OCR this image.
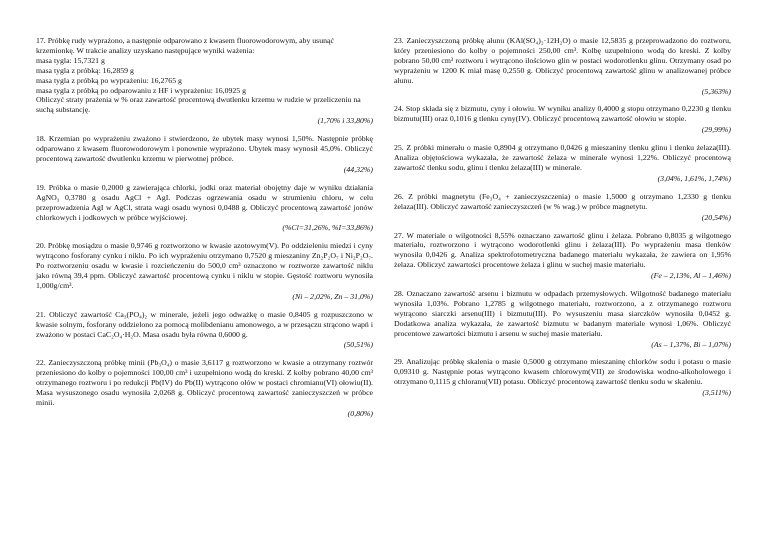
17. Próbkę rudy wyprażono, a następnie odparowano z kwasem fluorowodorowym, aby usunąć krzemionkę. W trakcie analizy uzyskano następujące wyniki ważenia:
masa tygla: 15,7321 g
masa tygla z próbką: 16,2859 g
masa tygla z próbką po wyprażeniu: 16,2765 g
masa tygla z próbką po odparowaniu z HF i wyprażeniu: 16,0925 g
Obliczyć straty prażenia w % oraz zawartość procentową dwutlenku krzemu w rudzie w przeliczeniu na suchą substancję.
(1,70% i 33,80%)
18. Krzemian po wyprażeniu zważono i stwierdzono, że ubytek masy wynosi 1,50%. Następnie próbkę odparowano z kwasem fluorowodorowym i ponownie wyprażono. Ubytek masy wynosił 45,0%. Obliczyć procentową zawartość dwutlenku krzemu w pierwotnej próbce.
(44,32%)
19. Próbka o masie 0,2000 g zawierająca chlorki, jodki oraz materiał obojętny daje w wyniku działania AgNO₃ 0,3780 g osadu AgCl + AgI. Podczas ogrzewania osadu w strumieniu chloru, w celu przeprowadzenia AgI w AgCl, strata wagi osadu wynosi 0,0488 g. Obliczyć procentową zawartość jonów chlorkowych i jodkowych w próbce wyjściowej.
(%Cl=31,26%, %I=33,86%)
20. Próbkę mosiądzu o masie 0,9746 g roztworzono w kwasie azotowym(V). Po oddzieleniu miedzi i cyny wytrącono fosforany cynku i niklu. Po ich wyprażeniu otrzymano 0,7520 g mieszaniny Zn₂P₂O₇ i Ni₂P₂O₇. Po roztworzeniu osadu w kwasie i rozcieńczeniu do 500,0 cm³ oznaczono w roztworze zawartość niklu jako równą 39,4 ppm. Obliczyć zawartość procentową cynku i niklu w stopie. Gęstość roztworu wynosiła 1,000g/cm³.
(Ni – 2,02%, Zn – 31,0%)
21. Obliczyć zawartość Ca₃(PO₄)₂ w minerale, jeżeli jego odważkę o masie 0,8405 g rozpuszczono w kwasie solnym, fosforany oddzielono za pomocą molibdenianu amonowego, a w przesączu strącono wapń i zważono w postaci CaC₂O₄·H₂O. Masa osadu była równa 0,6000 g.
(50,51%)
22. Zanieczyszczoną próbkę minii (Pb₃O₄) o masie 3,6117 g roztworzono w kwasie a otrzymany roztwór przeniesiono do kolby o pojemności 100,00 cm³ i uzupełniono wodą do kreski. Z kolby pobrano 40,00 cm³ otrzymanego roztworu i po redukcji Pb(IV) do Pb(II) wytrącono ołów w postaci chromianu(VI) ołowiu(II). Masa wysuszonego osadu wynosiła 2,0268 g. Obliczyć procentową zawartość zanieczyszczeń w próbce minii.
(0,80%)
23. Zanieczyszczoną próbkę ałunu (KAl(SO₄)₂·12H₂O) o masie 12,5835 g przeprowadzono do roztworu, który przeniesiono do kolby o pojemności 250,00 cm³. Kolbę uzupełniono wodą do kreski. Z kolby pobrano 50,00 cm³ roztworu i wytrącono ilościowo glin w postaci wodorotlenku glinu. Otrzymany osad po wyprażeniu w 1200 K miał masę 0,2550 g. Obliczyć procentową zawartość glinu w analizowanej próbce ałunu.
(5,363%)
24. Stop składa się z bizmutu, cyny i ołowiu. W wyniku analizy 0,4000 g stopu otrzymano 0,2230 g tlenku bizmutu(III) oraz 0,1016 g tlenku cyny(IV). Obliczyć procentową zawartość ołowiu w stopie.
(29,99%)
25. Z próbki minerału o masie 0,8904 g otrzymano 0,0426 g mieszaniny tlenku glinu i tlenku żelaza(III). Analiza objętościowa wykazała, że zawartość żelaza w minerale wynosi 1,22%. Obliczyć procentową zawartość tlenku sodu, glinu i tlenku żelaza(III) w minerale.
(3,04%, 1,61%, 1,74%)
26. Z próbki magnetytu (Fe₃O₄ + zanieczyszczenia) o masie 1,5000 g otrzymano 1,2330 g tlenku żelaza(III). Obliczyć zawartość zanieczyszczeń (w % wag.) w próbce magnetytu.
(20,54%)
27. W materiale o wilgotności 8,55% oznaczano zawartość glinu i żelaza. Pobrano 0,8035 g wilgotnego materiału, roztworzono i wytrącono wodorotlenki glinu i żelaza(III). Po wyprażeniu masa tlenków wynosiła 0,0426 g. Analiza spektrofotometryczna badanego materiału wykazała, że zawiera on 1,95% żelaza. Obliczyć zawartości procentowe żelaza i glinu w suchej masie materiału.
(Fe – 2,13%, Al – 1,46%)
28. Oznaczano zawartość arsenu i bizmutu w odpadach przemysłowych. Wilgotność badanego materiału wynosiła 1,03%. Pobrano 1,2785 g wilgotnego materiału, roztworzono, a z otrzymanego roztworu wytrącono siarczki arsenu(III) i bizmutu(III). Po wysuszeniu masa siarczków wynosiła 0,0452 g. Dodatkowa analiza wykazała, że zawartość bizmutu w badanym materiale wynosi 1,06%. Obliczyć procentowe zawartości bizmutu i arsenu w suchej masie materiału.
(As – 1,37%, Bi – 1,07%)
29. Analizując próbkę skalenia o masie 0,5000 g otrzymano mieszaninę chlorków sodu i potasu o masie 0,09310 g. Następnie potas wytrącono kwasem chlorowym(VII) ze środowiska wodno-alkoholowego i otrzymano 0,1115 g chloranu(VII) potasu. Obliczyć procentową zawartość tlenku sodu w skaleniu.
(3,511%)
